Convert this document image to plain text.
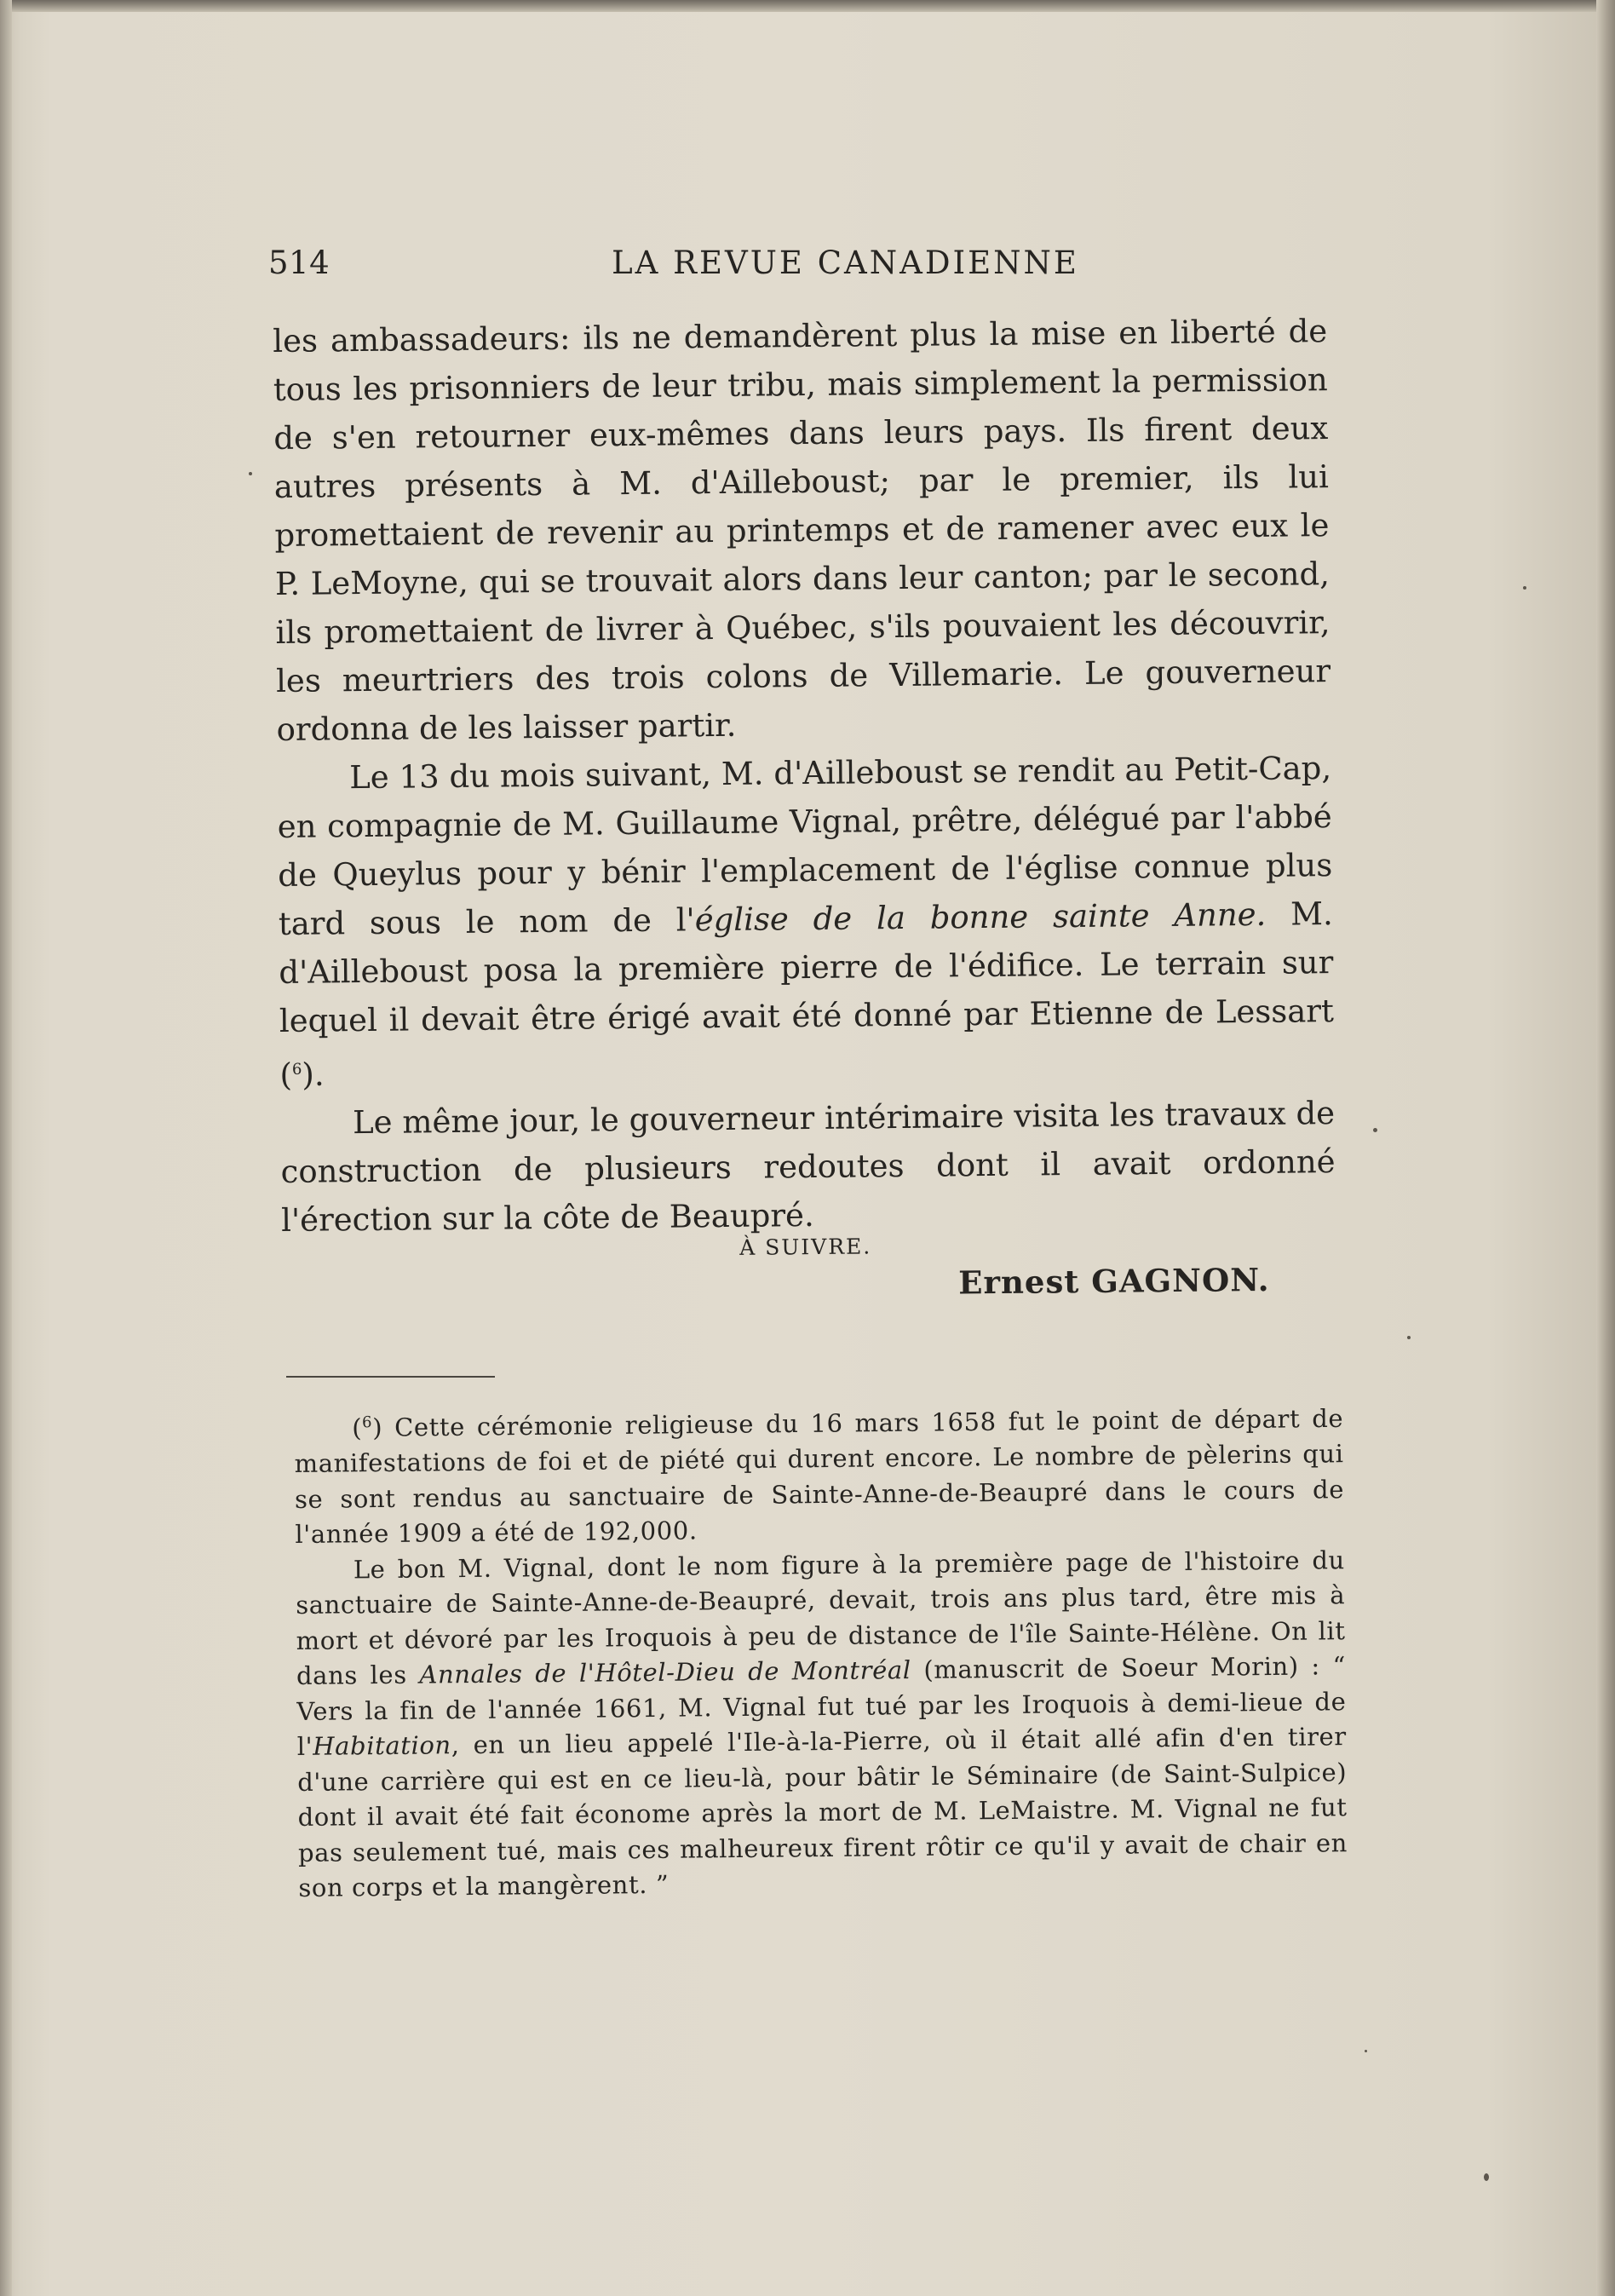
514	LA REVUE CANADIENNE

les ambassadeurs: ils ne demandèrent plus la mise en liberté de tous les prisonniers de leur tribu, mais simplement la permission de s'en retourner eux-mêmes dans leurs pays. Ils firent deux autres présents à M. d'Ailleboust; par le premier, ils lui promettaient de revenir au printemps et de ramener avec eux le P. LeMoyne, qui se trouvait alors dans leur canton; par le second, ils promettaient de livrer à Québec, s'ils pouvaient les découvrir, les meurtriers des trois colons de Villemarie. Le gouverneur ordonna de les laisser partir.

Le 13 du mois suivant, M. d'Ailleboust se rendit au Petit-Cap, en compagnie de M. Guillaume Vignal, prêtre, délégué par l'abbé de Queylus pour y bénir l'emplacement de l'église connue plus tard sous le nom de l'église de la bonne sainte Anne. M. d'Ailleboust posa la première pierre de l'édifice. Le terrain sur lequel il devait être érigé avait été donné par Etienne de Lessart ($^6$).

Le même jour, le gouverneur intérimaire visita les travaux de construction de plusieurs redoutes dont il avait ordonné l'érection sur la côte de Beaupré.

À SUIVRE.
Ernest GAGNON.

($^6$) Cette cérémonie religieuse du 16 mars 1658 fut le point de départ de manifestations de foi et de piété qui durent encore. Le nombre de pèlerins qui se sont rendus au sanctuaire de Sainte-Anne-de-Beaupré dans le cours de l'année 1909 a été de 192,000.

Le bon M. Vignal, dont le nom figure à la première page de l'histoire du sanctuaire de Sainte-Anne-de-Beaupré, devait, trois ans plus tard, être mis à mort et dévoré par les Iroquois à peu de distance de l'île Sainte-Hélène. On lit dans les Annales de l'Hôtel-Dieu de Montréal (manuscrit de Soeur Morin) : “ Vers la fin de l'année 1661, M. Vignal fut tué par les Iroquois à demi-lieue de l'Habitation, en un lieu appelé l'Ile-à-la-Pierre, où il était allé afin d'en tirer d'une carrière qui est en ce lieu-là, pour bâtir le Séminaire (de Saint-Sulpice) dont il avait été fait économe après la mort de M. LeMaistre. M. Vignal ne fut pas seulement tué, mais ces malheureux firent rôtir ce qu'il y avait de chair en son corps et la mangèrent. ”
